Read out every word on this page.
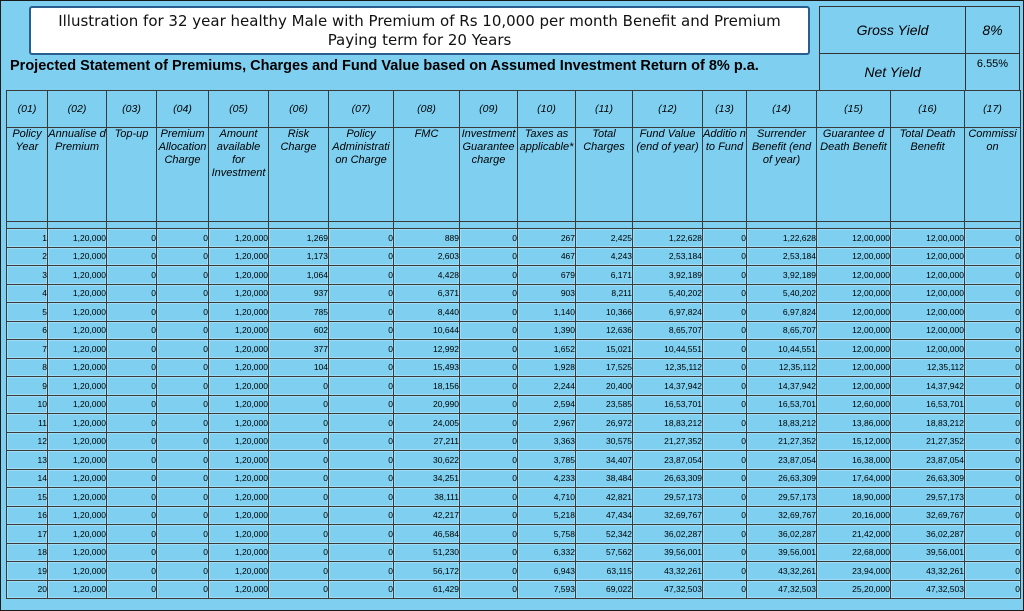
Illustration for 32 year healthy Male with Premium of Rs 10,000 per month Benefit and Premium
Paying term for 20 Years
Projected Statement of Premiums, Charges and Fund Value based on Assumed Investment Return of 8% p.a.
Gross Yield	8%
Net Yield	6.55%
(01)	(02)	(03)	(04)	(05)	(06)	(07)	(08)	(09)	(10)	(11)	(12)	(13)	(14)	(15)	(16)	(17)
Policy Year	Annualise d Premium	Top-up	Premium Allocation Charge	Amount available for Investment	Risk Charge	Policy Administrati on Charge	FMC	Investment Guarantee charge	Taxes as applicable*	Total Charges	Fund Value (end of year)	Additio n to Fund	Surrender Benefit (end of year)	Guarantee d Death Benefit	Total Death Benefit	Commissi on

1	1,20,000	0	0	1,20,000	1,269	0	889	0	267	2,425	1,22,628	0	1,22,628	12,00,000	12,00,000	0
2	1,20,000	0	0	1,20,000	1,173	0	2,603	0	467	4,243	2,53,184	0	2,53,184	12,00,000	12,00,000	0
3	1,20,000	0	0	1,20,000	1,064	0	4,428	0	679	6,171	3,92,189	0	3,92,189	12,00,000	12,00,000	0
4	1,20,000	0	0	1,20,000	937	0	6,371	0	903	8,211	5,40,202	0	5,40,202	12,00,000	12,00,000	0
5	1,20,000	0	0	1,20,000	785	0	8,440	0	1,140	10,366	6,97,824	0	6,97,824	12,00,000	12,00,000	0
6	1,20,000	0	0	1,20,000	602	0	10,644	0	1,390	12,636	8,65,707	0	8,65,707	12,00,000	12,00,000	0
7	1,20,000	0	0	1,20,000	377	0	12,992	0	1,652	15,021	10,44,551	0	10,44,551	12,00,000	12,00,000	0
8	1,20,000	0	0	1,20,000	104	0	15,493	0	1,928	17,525	12,35,112	0	12,35,112	12,00,000	12,35,112	0
9	1,20,000	0	0	1,20,000	0	0	18,156	0	2,244	20,400	14,37,942	0	14,37,942	12,00,000	14,37,942	0
10	1,20,000	0	0	1,20,000	0	0	20,990	0	2,594	23,585	16,53,701	0	16,53,701	12,60,000	16,53,701	0
11	1,20,000	0	0	1,20,000	0	0	24,005	0	2,967	26,972	18,83,212	0	18,83,212	13,86,000	18,83,212	0
12	1,20,000	0	0	1,20,000	0	0	27,211	0	3,363	30,575	21,27,352	0	21,27,352	15,12,000	21,27,352	0
13	1,20,000	0	0	1,20,000	0	0	30,622	0	3,785	34,407	23,87,054	0	23,87,054	16,38,000	23,87,054	0
14	1,20,000	0	0	1,20,000	0	0	34,251	0	4,233	38,484	26,63,309	0	26,63,309	17,64,000	26,63,309	0
15	1,20,000	0	0	1,20,000	0	0	38,111	0	4,710	42,821	29,57,173	0	29,57,173	18,90,000	29,57,173	0
16	1,20,000	0	0	1,20,000	0	0	42,217	0	5,218	47,434	32,69,767	0	32,69,767	20,16,000	32,69,767	0
17	1,20,000	0	0	1,20,000	0	0	46,584	0	5,758	52,342	36,02,287	0	36,02,287	21,42,000	36,02,287	0
18	1,20,000	0	0	1,20,000	0	0	51,230	0	6,332	57,562	39,56,001	0	39,56,001	22,68,000	39,56,001	0
19	1,20,000	0	0	1,20,000	0	0	56,172	0	6,943	63,115	43,32,261	0	43,32,261	23,94,000	43,32,261	0
20	1,20,000	0	0	1,20,000	0	0	61,429	0	7,593	69,022	47,32,503	0	47,32,503	25,20,000	47,32,503	0
